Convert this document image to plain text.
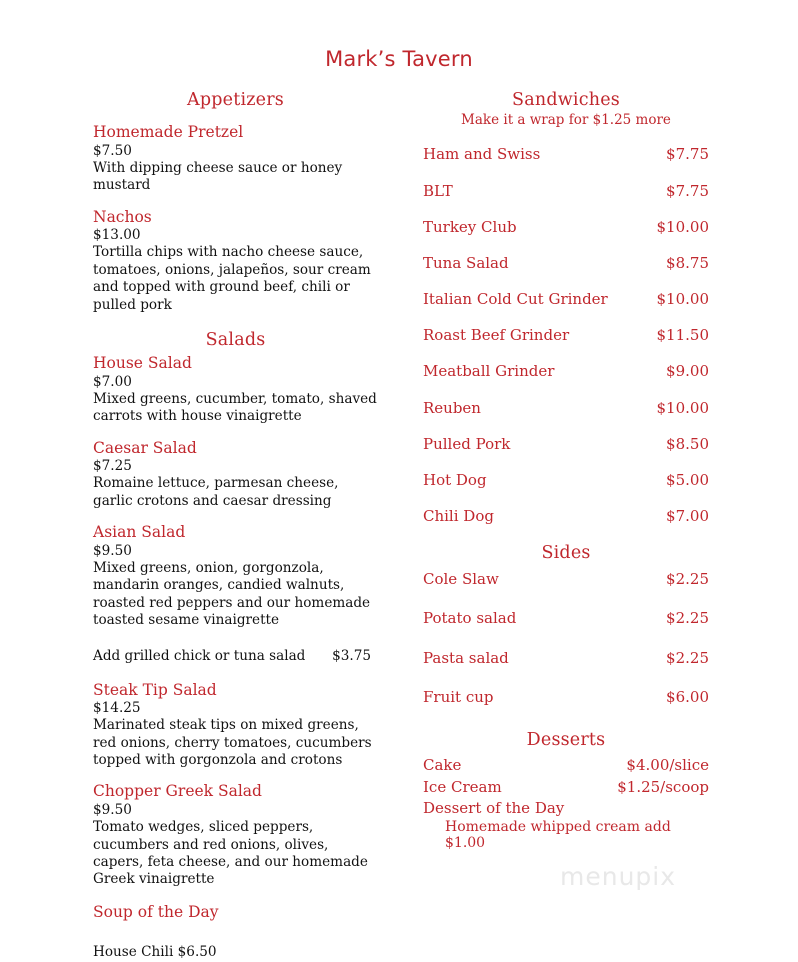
Mark’s Tavern
Appetizers
Homemade Pretzel
$7.50
With dipping cheese sauce or honey mustard
Nachos
$13.00
Tortilla chips with nacho cheese sauce, tomatoes, onions, jalapeños, sour cream and topped with ground beef, chili or pulled pork
Salads
House Salad
$7.00
Mixed greens, cucumber, tomato, shaved carrots with house vinaigrette
Caesar Salad
$7.25
Romaine lettuce, parmesan cheese, garlic crotons and caesar dressing
Asian Salad
$9.50
Mixed greens, onion, gorgonzola, mandarin oranges, candied walnuts, roasted red peppers and our homemade toasted sesame vinaigrette
Add grilled chick or tuna salad $3.75
Steak Tip Salad
$14.25
Marinated steak tips on mixed greens, red onions, cherry tomatoes, cucumbers topped with gorgonzola and crotons
Chopper Greek Salad
$9.50
Tomato wedges, sliced peppers, cucumbers and red onions, olives, capers, feta cheese, and our homemade Greek vinaigrette
Soup of the Day
House Chili $6.50
Sandwiches
Make it a wrap for $1.25 more
Ham and Swiss	$7.75
BLT	$7.75
Turkey Club	$10.00
Tuna Salad	$8.75
Italian Cold Cut Grinder	$10.00
Roast Beef Grinder	$11.50
Meatball Grinder	$9.00
Reuben	$10.00
Pulled Pork	$8.50
Hot Dog	$5.00
Chili Dog	$7.00
Sides
Cole Slaw	$2.25
Potato salad	$2.25
Pasta salad	$2.25
Fruit cup	$6.00
Desserts
Cake	$4.00/slice
Ice Cream	$1.25/scoop
Dessert of the Day
Homemade whipped cream add $1.00
menupix
